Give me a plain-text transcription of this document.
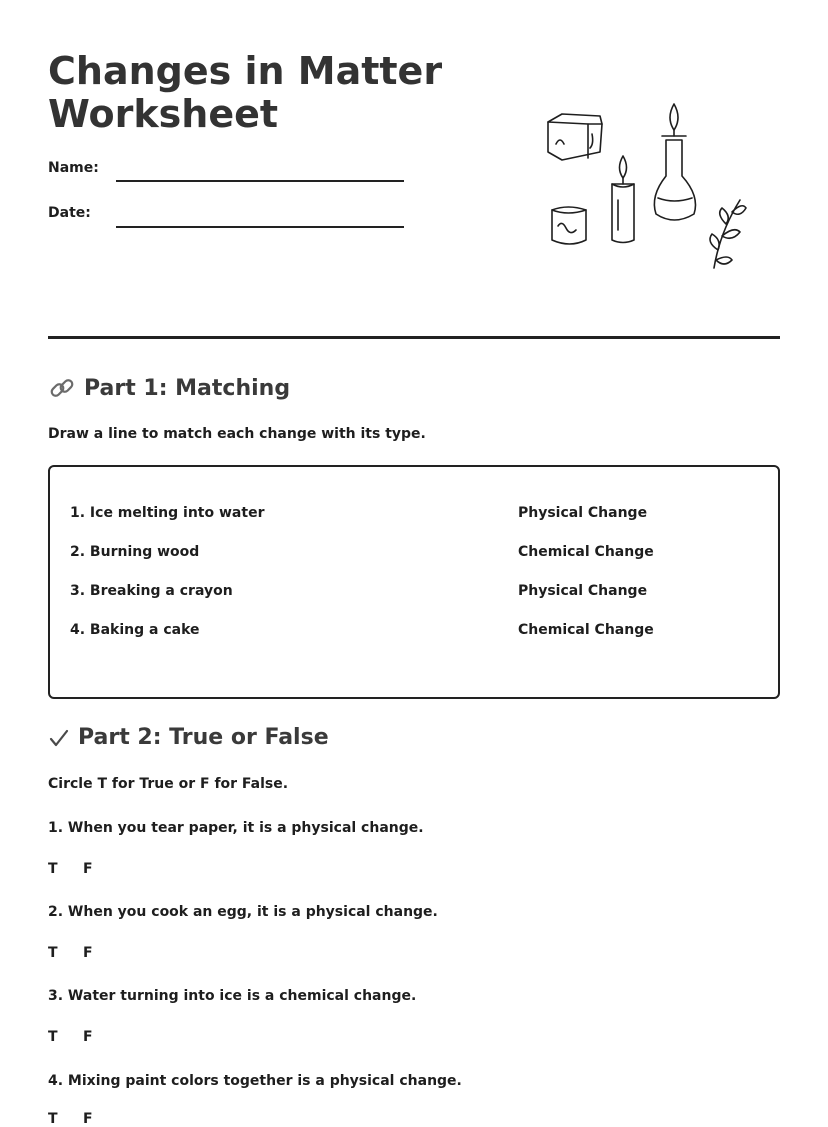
Changes in Matter Worksheet
Name:
Date:
Part 1: Matching
Draw a line to match each change with its type.
1. Ice melting into water
2. Burning wood
3. Breaking a crayon
4. Baking a cake
Physical Change
Chemical Change
Physical Change
Chemical Change
Part 2: True or False
Circle T for True or F for False.
1. When you tear paper, it is a physical change.
T	F
2. When you cook an egg, it is a physical change.
T	F
3. Water turning into ice is a chemical change.
T	F
4. Mixing paint colors together is a physical change.
T	F
